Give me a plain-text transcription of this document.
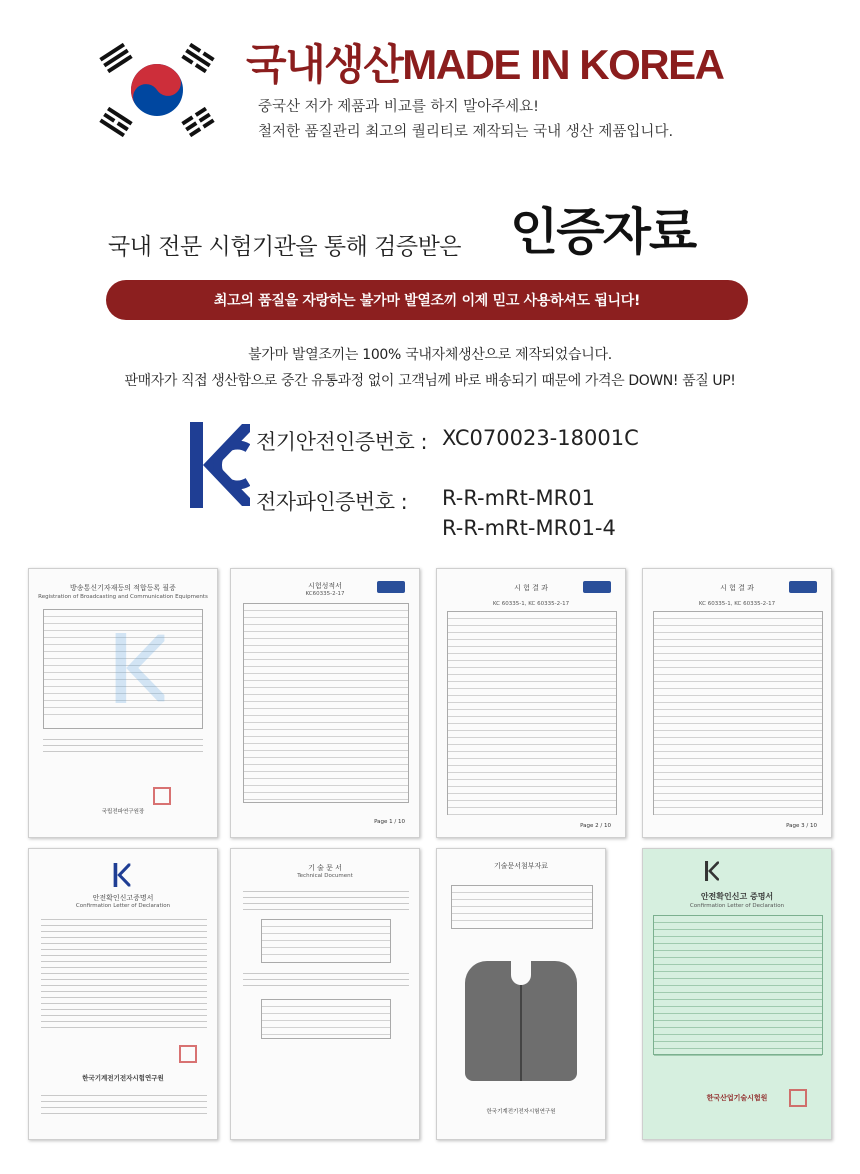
국내생산MADE IN KOREA
중국산 저가 제품과 비교를 하지 말아주세요!
철저한 품질관리 최고의 퀄리티로 제작되는 국내 생산 제품입니다.
국내 전문 시험기관을 통해 검증받은 인증자료
최고의 품질을 자랑하는 불가마 발열조끼 이제 믿고 사용하셔도 됩니다!
불가마 발열조끼는 100% 국내자체생산으로 제작되었습니다.
판매자가 직접 생산함으로 중간 유통과정 없이 고객님께 바로 배송되기 때문에 가격은 DOWN! 품질 UP!
전기안전인증번호 : XC070023-18001C
전자파인증번호 : R-R-mRt-MR01
R-R-mRt-MR01-4
방송통신기자재등의 적합등록 필증
Registration of Broadcasting and Communication Equipments
국립전파연구원장
시험성적서
KC60335-2-17
Page 1 / 10
시 험 결 과
KC 60335-1, KC 60335-2-17
Page 2 / 10
시 험 결 과
KC 60335-1, KC 60335-2-17
Page 3 / 10
안전확인신고증명서
Confirmation Letter of Declaration
한국기계전기전자시험연구원
기 술 문 서
Technical Document
기술문서첨부자료
한국기계전기전자시험연구원
안전확인신고 증명서
Confirmation Letter of Declaration
한국산업기술시험원
